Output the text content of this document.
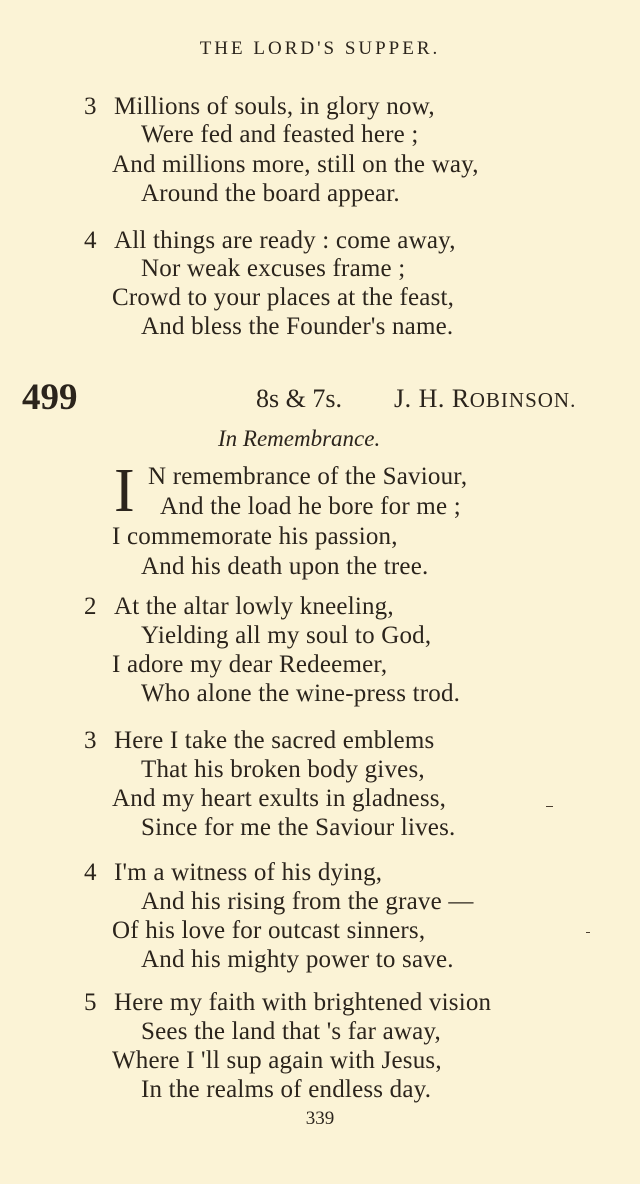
THE LORD'S SUPPER.
3 Millions of souls, in glory now,
Were fed and feasted here ;
And millions more, still on the way,
Around the board appear.
4 All things are ready : come away,
Nor weak excuses frame ;
Crowd to your places at the feast,
And bless the Founder's name.
499	8s & 7s. J. H. ROBINSON.
In Remembrance.
I N remembrance of the Saviour,
And the load he bore for me ;
I commemorate his passion,
And his death upon the tree.
2 At the altar lowly kneeling,
Yielding all my soul to God,
I adore my dear Redeemer,
Who alone the wine-press trod.
3 Here I take the sacred emblems
That his broken body gives,
And my heart exults in gladness,
Since for me the Saviour lives.
4 I'm a witness of his dying,
And his rising from the grave —
Of his love for outcast sinners,
And his mighty power to save.
5 Here my faith with brightened vision
Sees the land that 's far away,
Where I 'll sup again with Jesus,
In the realms of endless day.
339
